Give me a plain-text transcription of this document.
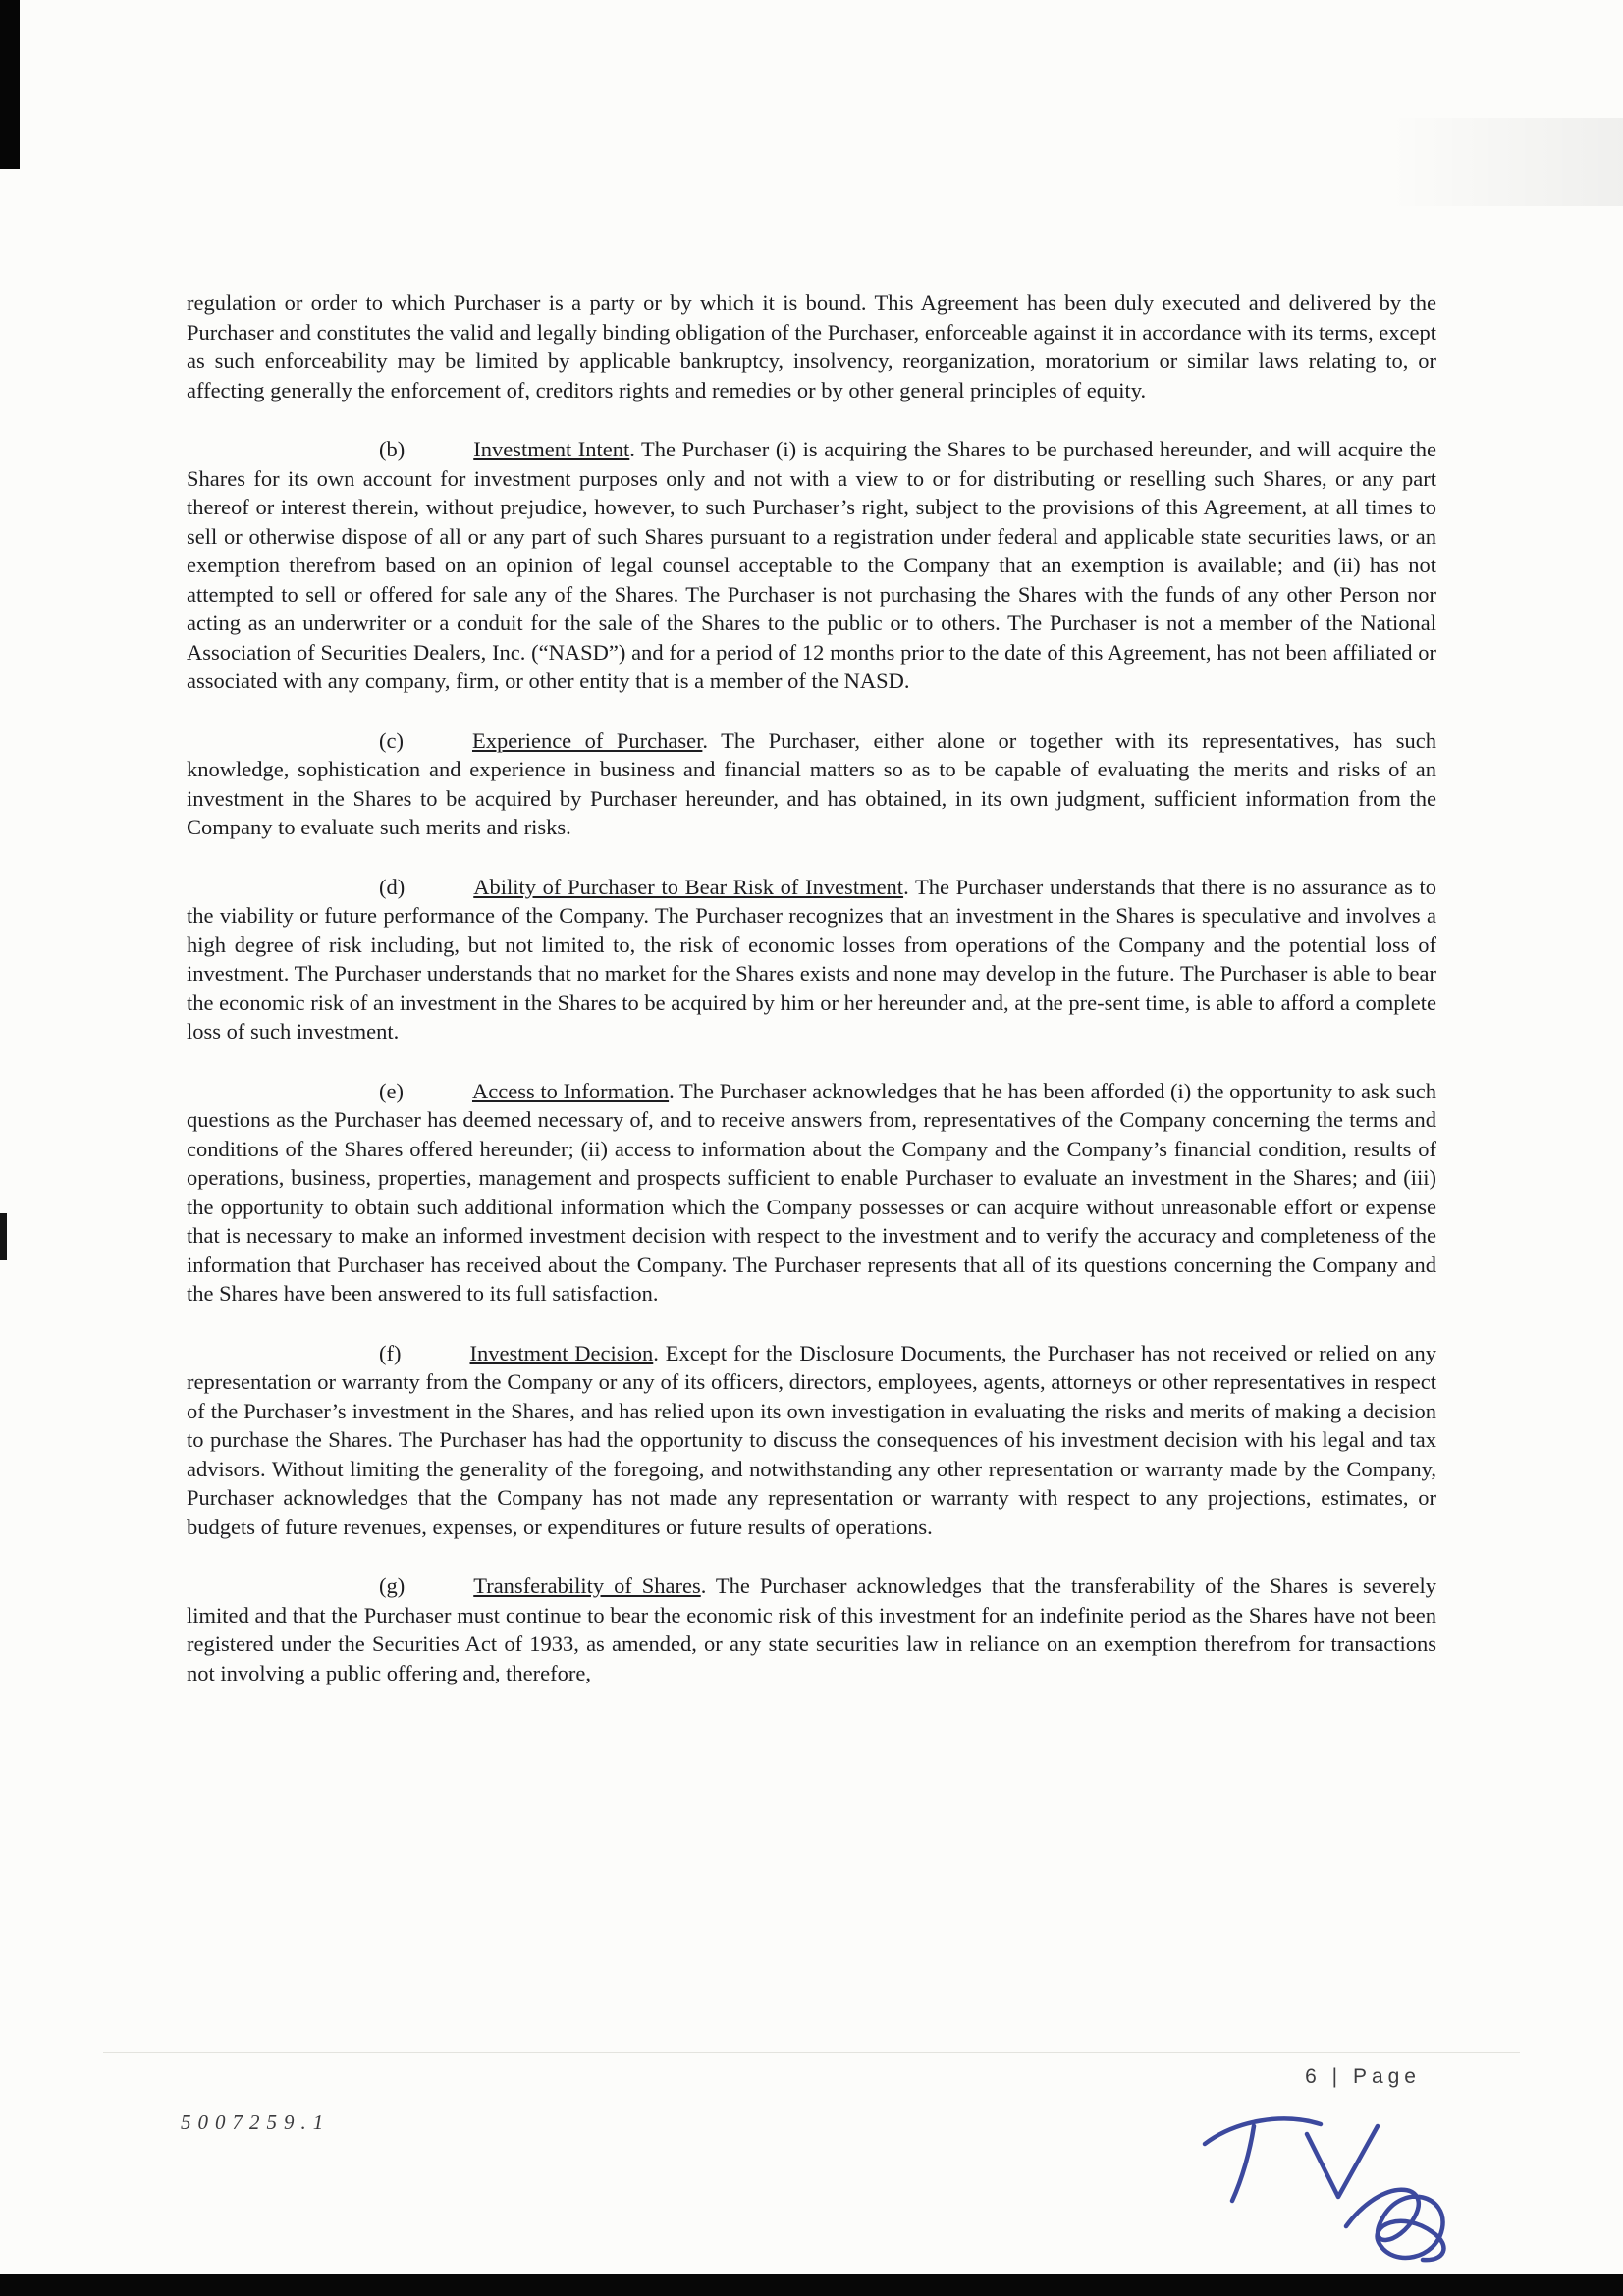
regulation or order to which Purchaser is a party or by which it is bound. This Agreement has been duly executed and delivered by the Purchaser and constitutes the valid and legally binding obligation of the Purchaser, enforceable against it in accordance with its terms, except as such enforceability may be limited by applicable bankruptcy, insolvency, reorganization, moratorium or similar laws relating to, or affecting generally the enforcement of, creditors rights and remedies or by other general principles of equity.

(b)	Investment Intent. The Purchaser (i) is acquiring the Shares to be purchased hereunder, and will acquire the Shares for its own account for investment purposes only and not with a view to or for distributing or reselling such Shares, or any part thereof or interest therein, without prejudice, however, to such Purchaser’s right, subject to the provisions of this Agreement, at all times to sell or otherwise dispose of all or any part of such Shares pursuant to a registration under federal and applicable state securities laws, or an exemption therefrom based on an opinion of legal counsel acceptable to the Company that an exemption is available; and (ii) has not attempted to sell or offered for sale any of the Shares. The Purchaser is not purchasing the Shares with the funds of any other Person nor acting as an underwriter or a conduit for the sale of the Shares to the public or to others. The Purchaser is not a member of the National Association of Securities Dealers, Inc. (“NASD”) and for a period of 12 months prior to the date of this Agreement, has not been affiliated or associated with any company, firm, or other entity that is a member of the NASD.

(c)	Experience of Purchaser. The Purchaser, either alone or together with its representatives, has such knowledge, sophistication and experience in business and financial matters so as to be capable of evaluating the merits and risks of an investment in the Shares to be acquired by Purchaser hereunder, and has obtained, in its own judgment, sufficient information from the Company to evaluate such merits and risks.

(d)	Ability of Purchaser to Bear Risk of Investment. The Purchaser understands that there is no assurance as to the viability or future performance of the Company. The Purchaser recognizes that an investment in the Shares is speculative and involves a high degree of risk including, but not limited to, the risk of economic losses from operations of the Company and the potential loss of investment. The Purchaser understands that no market for the Shares exists and none may develop in the future. The Purchaser is able to bear the economic risk of an investment in the Shares to be acquired by him or her hereunder and, at the pre-sent time, is able to afford a complete loss of such investment.

(e)	Access to Information. The Purchaser acknowledges that he has been afforded (i) the opportunity to ask such questions as the Purchaser has deemed necessary of, and to receive answers from, representatives of the Company concerning the terms and conditions of the Shares offered hereunder; (ii) access to information about the Company and the Company’s financial condition, results of operations, business, properties, management and prospects sufficient to enable Purchaser to evaluate an investment in the Shares; and (iii) the opportunity to obtain such additional information which the Company possesses or can acquire without unreasonable effort or expense that is necessary to make an informed investment decision with respect to the investment and to verify the accuracy and completeness of the information that Purchaser has received about the Company. The Purchaser represents that all of its questions concerning the Company and the Shares have been answered to its full satisfaction.

(f)	Investment Decision. Except for the Disclosure Documents, the Purchaser has not received or relied on any representation or warranty from the Company or any of its officers, directors, employees, agents, attorneys or other representatives in respect of the Purchaser’s investment in the Shares, and has relied upon its own investigation in evaluating the risks and merits of making a decision to purchase the Shares. The Purchaser has had the opportunity to discuss the consequences of his investment decision with his legal and tax advisors. Without limiting the generality of the foregoing, and notwithstanding any other representation or warranty made by the Company, Purchaser acknowledges that the Company has not made any representation or warranty with respect to any projections, estimates, or budgets of future revenues, expenses, or expenditures or future results of operations.

(g)	Transferability of Shares. The Purchaser acknowledges that the transferability of the Shares is severely limited and that the Purchaser must continue to bear the economic risk of this investment for an indefinite period as the Shares have not been registered under the Securities Act of 1933, as amended, or any state securities law in reliance on an exemption therefrom for transactions not involving a public offering and, therefore,

6 | Page
5007259.1
